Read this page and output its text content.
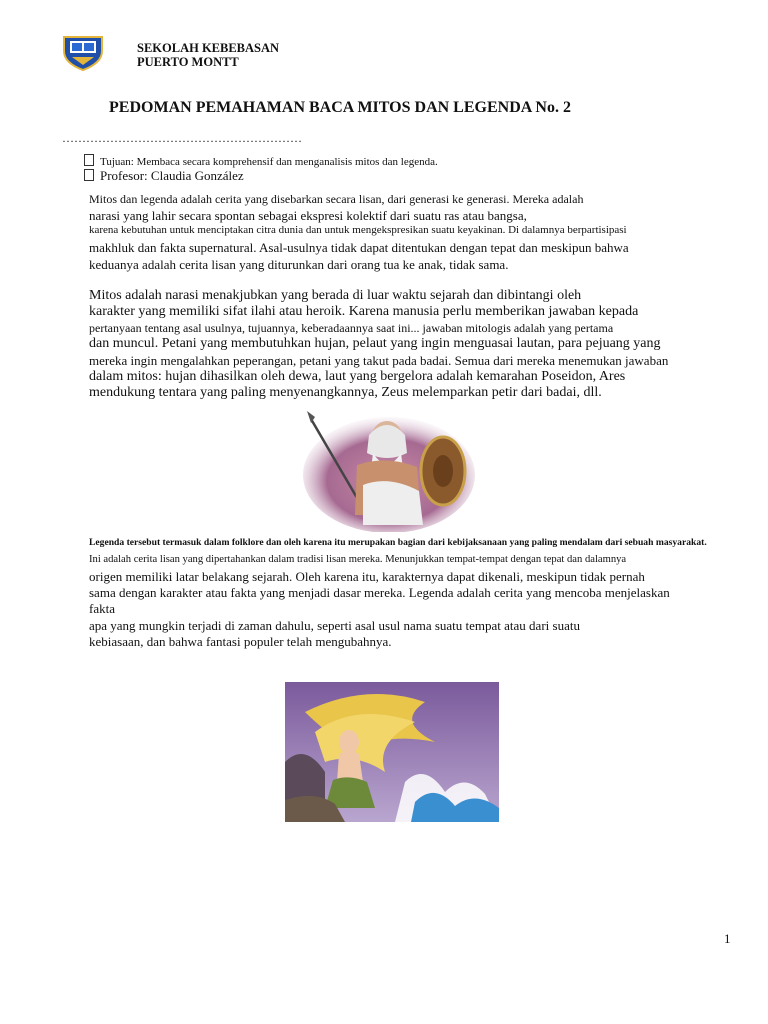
SEKOLAH KEBEBASAN
PUERTO MONTT
PEDOMAN PEMAHAMAN BACA MITOS DAN LEGENDA No. 2
……………………………………………………
Tujuan: Membaca secara komprehensif dan menganalisis mitos dan legenda.
Profesor: Claudia González
Mitos dan legenda adalah cerita yang disebarkan secara lisan, dari generasi ke generasi. Mereka adalah
narasi yang lahir secara spontan sebagai ekspresi kolektif dari suatu ras atau bangsa,
karena kebutuhan untuk menciptakan citra dunia dan untuk mengekspresikan suatu keyakinan. Di dalamnya berpartisipasi
makhluk dan fakta supernatural. Asal-usulnya tidak dapat ditentukan dengan tepat dan meskipun bahwa
keduanya adalah cerita lisan yang diturunkan dari orang tua ke anak, tidak sama.
Mitos adalah narasi menakjubkan yang berada di luar waktu sejarah dan dibintangi oleh
karakter yang memiliki sifat ilahi atau heroik. Karena manusia perlu memberikan jawaban kepada
pertanyaan tentang asal usulnya, tujuannya, keberadaannya saat ini... jawaban mitologis adalah yang pertama
dan muncul. Petani yang membutuhkan hujan, pelaut yang ingin menguasai lautan, para pejuang yang
mereka ingin mengalahkan peperangan, petani yang takut pada badai. Semua dari mereka menemukan jawaban
dalam mitos: hujan dihasilkan oleh dewa, laut yang bergelora adalah kemarahan Poseidon, Ares
mendukung tentara yang paling menyenangkannya, Zeus melemparkan petir dari badai, dll.
Legenda tersebut termasuk dalam folklore dan oleh karena itu merupakan bagian dari kebijaksanaan yang paling mendalam dari sebuah masyarakat.
Ini adalah cerita lisan yang dipertahankan dalam tradisi lisan mereka. Menunjukkan tempat-tempat dengan tepat dan dalamnya
origen memiliki latar belakang sejarah. Oleh karena itu, karakternya dapat dikenali, meskipun tidak pernah
sama dengan karakter atau fakta yang menjadi dasar mereka. Legenda adalah cerita yang mencoba menjelaskan
fakta
apa yang mungkin terjadi di zaman dahulu, seperti asal usul nama suatu tempat atau dari suatu
kebiasaan, dan bahwa fantasi populer telah mengubahnya.
1
